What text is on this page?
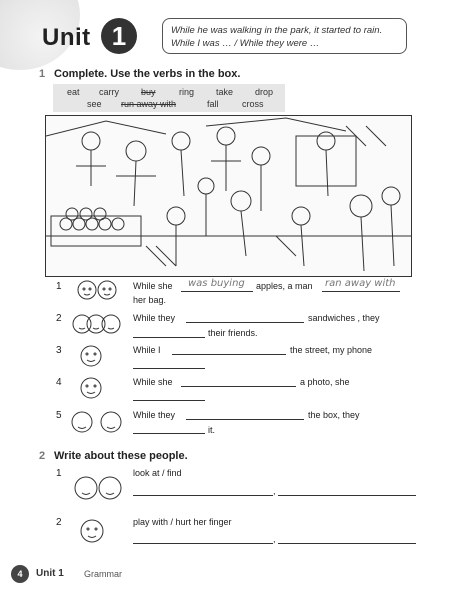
Unit 1	While he was walking in the park, it started to rain.
While I was … / While they were …
1 Complete. Use the verbs in the box.
eat	carry	buy	ring	take	drop
see	run away with	fall	cross
1	While she was buying apples, a man ran away with
her bag.
2	While they	sandwiches , they
their friends.
3	While I	the street, my phone
4	While she	a photo, she
5	While they	the box, they
it.
2 Write about these people.
1	look at / find
,
2	play with / hurt her finger
,
4	Unit 1 Grammar
